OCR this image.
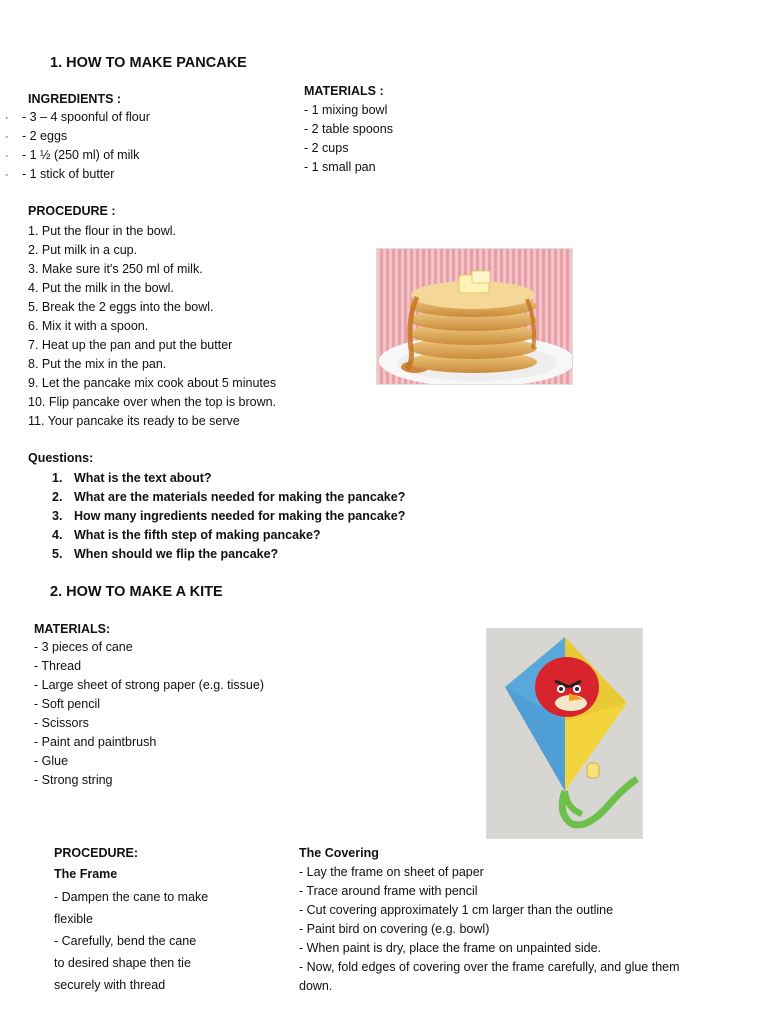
1. HOW TO MAKE PANCAKE
INGREDIENTS :
· - 3 – 4 spoonful of flour
· - 2 eggs
· - 1 ½ (250 ml) of milk
· - 1 stick of butter
MATERIALS :
- 1 mixing bowl
- 2 table spoons
- 2 cups
- 1 small pan
PROCEDURE :
1. Put the flour in the bowl.
2. Put milk in a cup.
3. Make sure it's 250 ml of milk.
4. Put the milk in the bowl.
5. Break the 2 eggs into the bowl.
6. Mix it with a spoon.
7. Heat up the pan and put the butter
8. Put the mix in the pan.
9. Let the pancake mix cook about 5 minutes
10. Flip pancake over when the top is brown.
11. Your pancake its ready to be serve
Questions:
1. What is the text about?
2. What are the materials needed for making the pancake?
3. How many ingredients needed for making the pancake?
4. What is the fifth step of making pancake?
5. When should we flip the pancake?
2. HOW TO MAKE A KITE
MATERIALS:
- 3 pieces of cane
- Thread
- Large sheet of strong paper (e.g. tissue)
- Soft pencil
- Scissors
- Paint and paintbrush
- Glue
- Strong string
PROCEDURE:
The Frame
- Dampen the cane to make
flexible
- Carefully, bend the cane
to desired shape then tie
securely with thread
The Covering
- Lay the frame on sheet of paper
- Trace around frame with pencil
- Cut covering approximately 1 cm larger than the outline
- Paint bird on covering (e.g. bowl)
- When paint is dry, place the frame on unpainted side.
- Now, fold edges of covering over the frame carefully, and glue them
down.
